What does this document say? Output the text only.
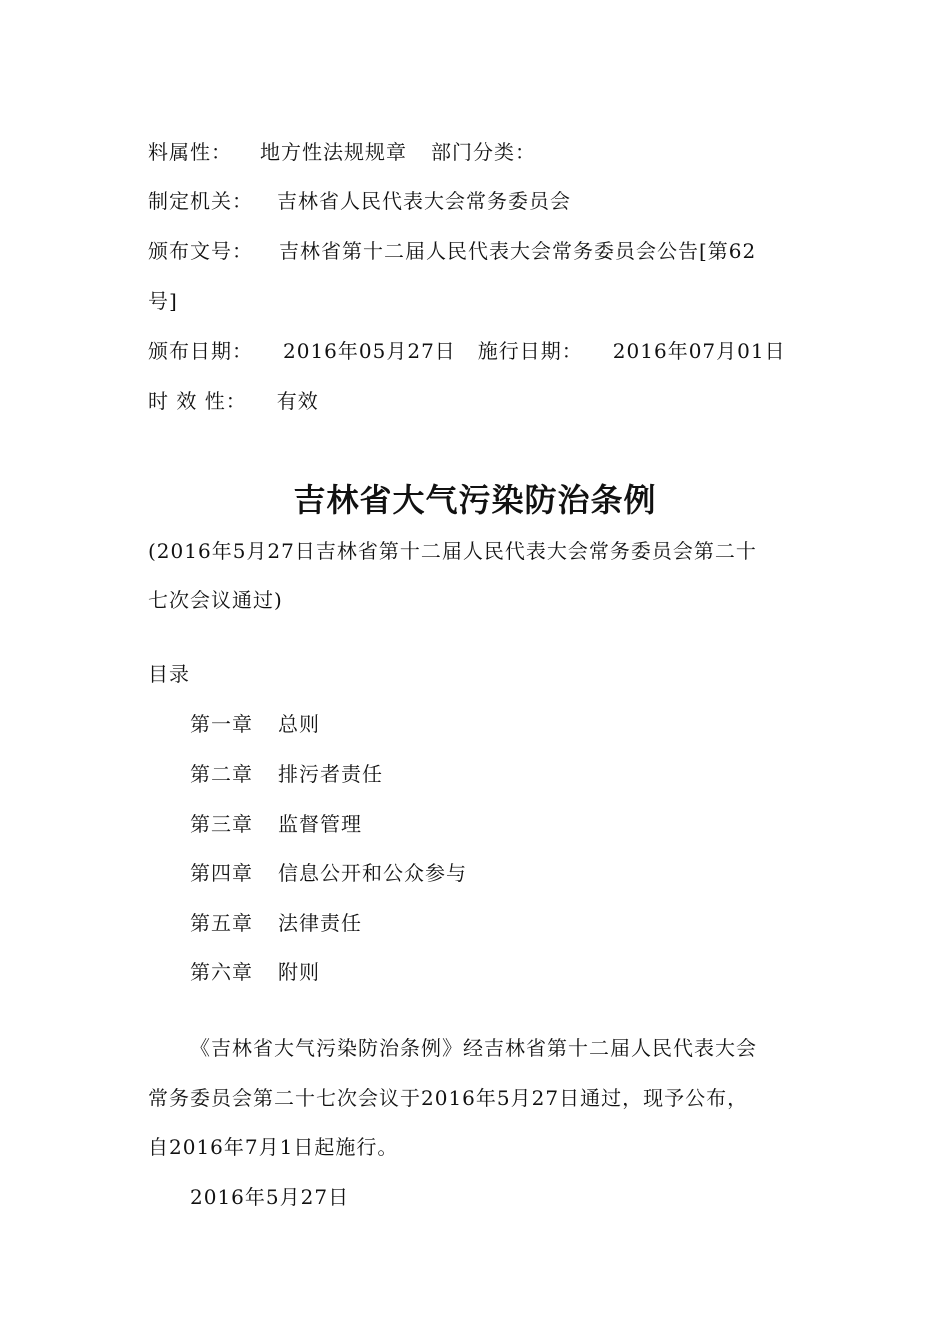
料属性： 地方性法规规章 部门分类：
制定机关： 吉林省人民代表大会常务委员会
颁布文号： 吉林省第十二届人民代表大会常务委员会公告[第62
号]
颁布日期： 2016年05月27日 施行日期： 2016年07月01日
时 效 性： 有效
吉林省大气污染防治条例
(2016年5月27日吉林省第十二届人民代表大会常务委员会第二十
七次会议通过)
目录
第一章 总则
第二章 排污者责任
第三章 监督管理
第四章 信息公开和公众参与
第五章 法律责任
第六章 附则
《吉林省大气污染防治条例》经吉林省第十二届人民代表大会
常务委员会第二十七次会议于2016年5月27日通过，现予公布，
自2016年7月1日起施行。
2016年5月27日
